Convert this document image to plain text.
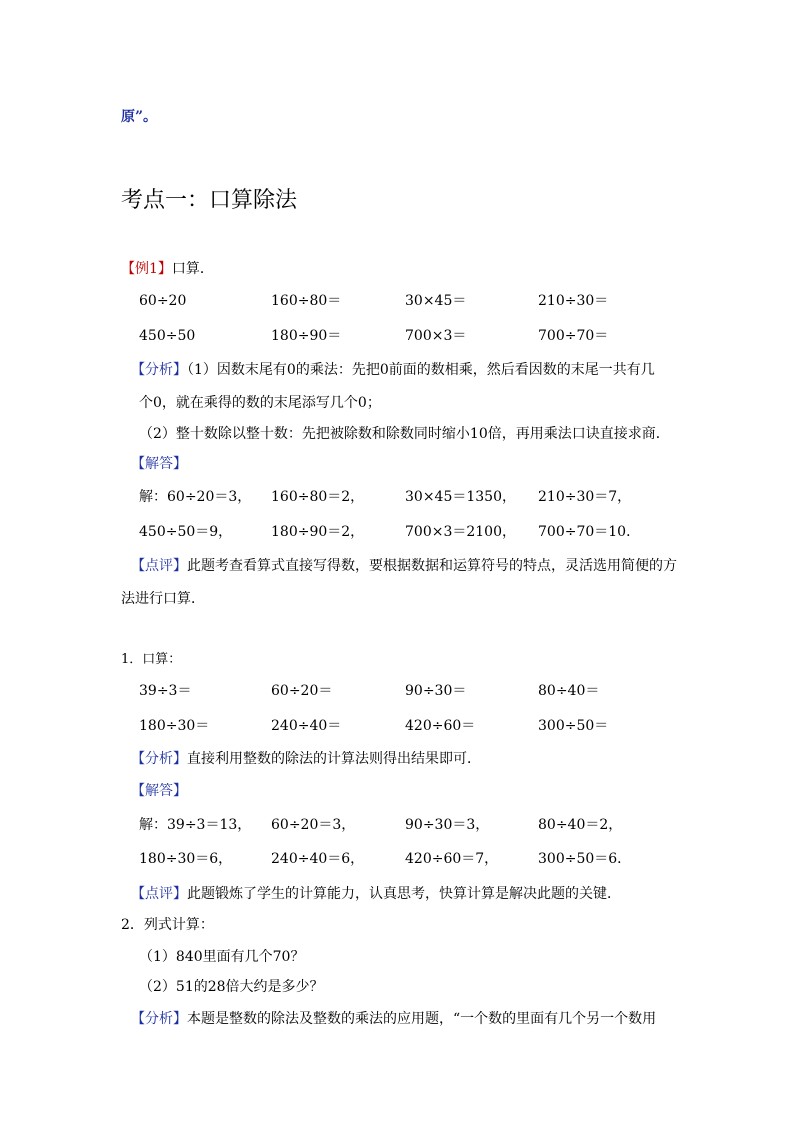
原”。
考点一：口算除法
【例1】口算．
60÷20	160÷80＝	30×45＝	210÷30＝
450÷50	180÷90＝	700×3＝	700÷70＝
【分析】（1）因数末尾有0的乘法：先把0前面的数相乘，然后看因数的末尾一共有几
个0，就在乘得的数的末尾添写几个0；
（2）整十数除以整十数：先把被除数和除数同时缩小10倍，再用乘法口诀直接求商．
【解答】
解：60÷20＝3， 160÷80＝2，	30×45＝1350， 210÷30＝7，
450÷50＝9，	180÷90＝2，	700×3＝2100， 700÷70＝10．
【点评】此题考查看算式直接写得数，要根据数据和运算符号的特点，灵活选用简便的方
法进行口算．
1．口算：
39÷3＝	60÷20＝	90÷30＝	80÷40＝
180÷30＝	240÷40＝	420÷60＝	300÷50＝
【分析】直接利用整数的除法的计算法则得出结果即可．
【解答】
解：39÷3＝13， 60÷20＝3，	90÷30＝3，	80÷40＝2，
180÷30＝6，	240÷40＝6，	420÷60＝7，	300÷50＝6．
【点评】此题锻炼了学生的计算能力，认真思考，快算计算是解决此题的关键．
2．列式计算：
（1）840里面有几个70？
（2）51的28倍大约是多少？
【分析】本题是整数的除法及整数的乘法的应用题，“一个数的里面有几个另一个数用
